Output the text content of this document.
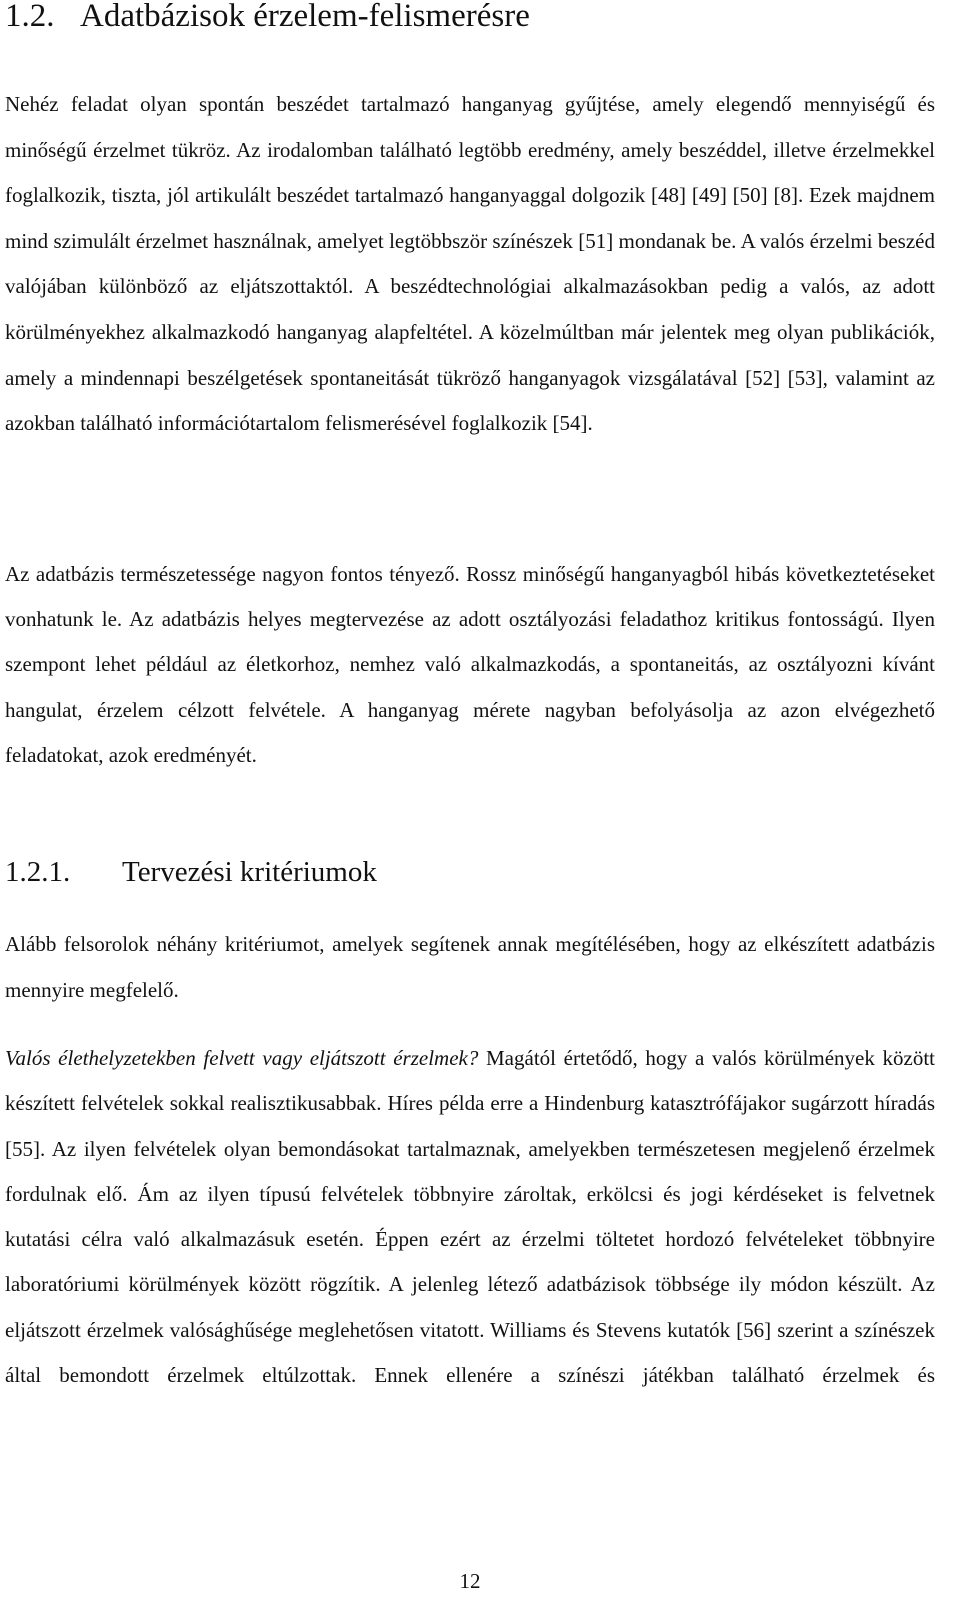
1.2. Adatbázisok érzelem-felismerésre

Nehéz feladat olyan spontán beszédet tartalmazó hanganyag gyűjtése, amely elegendő mennyiségű és minőségű érzelmet tükröz. Az irodalomban található legtöbb eredmény, amely beszéddel, illetve érzelmekkel foglalkozik, tiszta, jól artikulált beszédet tartalmazó hanganyaggal dolgozik [48] [49] [50] [8]. Ezek majdnem mind szimulált érzelmet használnak, amelyet legtöbbször színészek [51] mondanak be. A valós érzelmi beszéd valójában különböző az eljátszottaktól. A beszédtechnológiai alkalmazásokban pedig a valós, az adott körülményekhez alkalmazkodó hanganyag alapfeltétel. A közelmúltban már jelentek meg olyan publikációk, amely a mindennapi beszélgetések spontaneitását tükröző hanganyagok vizsgálatával [52] [53], valamint az azokban található információtartalom felismerésével foglalkozik [54].

Az adatbázis természetessége nagyon fontos tényező. Rossz minőségű hanganyagból hibás következtetéseket vonhatunk le. Az adatbázis helyes megtervezése az adott osztályozási feladathoz kritikus fontosságú. Ilyen szempont lehet például az életkorhoz, nemhez való alkalmazkodás, a spontaneitás, az osztályozni kívánt hangulat, érzelem célzott felvétele. A hanganyag mérete nagyban befolyásolja az azon elvégezhető feladatokat, azok eredményét.

1.2.1. Tervezési kritériumok

Alább felsorolok néhány kritériumot, amelyek segítenek annak megítélésében, hogy az elkészített adatbázis mennyire megfelelő.

Valós élethelyzetekben felvett vagy eljátszott érzelmek? Magától értetődő, hogy a valós körülmények között készített felvételek sokkal realisztikusabbak. Híres példa erre a Hindenburg katasztrófájakor sugárzott híradás [55]. Az ilyen felvételek olyan bemondásokat tartalmaznak, amelyekben természetesen megjelenő érzelmek fordulnak elő. Ám az ilyen típusú felvételek többnyire zároltak, erkölcsi és jogi kérdéseket is felvetnek kutatási célra való alkalmazásuk esetén. Éppen ezért az érzelmi töltetet hordozó felvételeket többnyire laboratóriumi körülmények között rögzítik. A jelenleg létező adatbázisok többsége ily módon készült. Az eljátszott érzelmek valósághűsége meglehetősen vitatott. Williams és Stevens kutatók [56] szerint a színészek által bemondott érzelmek eltúlzottak. Ennek ellenére a színészi játékban található érzelmek és

12
